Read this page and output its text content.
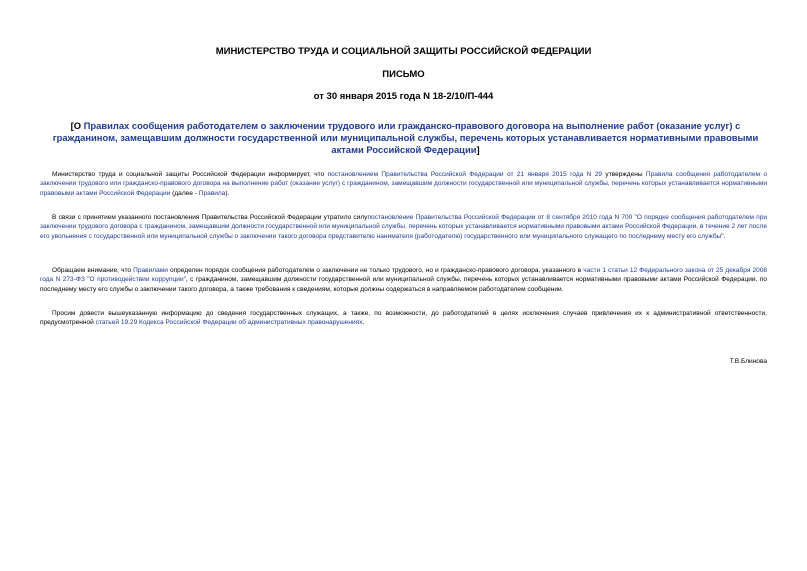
МИНИСТЕРСТВО ТРУДА И СОЦИАЛЬНОЙ ЗАЩИТЫ РОССИЙСКОЙ ФЕДЕРАЦИИ
ПИСЬМО
от 30 января 2015 года N 18-2/10/П-444
[О Правилах сообщения работодателем о заключении трудового или гражданско-правового договора на выполнение работ (оказание услуг) с гражданином, замещавшим должности государственной или муниципальной службы, перечень которых устанавливается нормативными правовыми актами Российской Федерации]

Министерство труда и социальной защиты Российской Федерации информирует, что постановлением Правительства Российской Федерации от 21 января 2015 года N 29 утверждены Правила сообщения работодателем о заключении трудового или гражданско-правового договора на выполнение работ (оказание услуг) с гражданином, замещавшим должности государственной или муниципальной службы, перечень которых устанавливается нормативными правовыми актами Российской Федерации (далее - Правила).

В связи с принятием указанного постановления Правительства Российской Федерации утратило силупостановление Правительства Российской Федерации от 8 сентября 2010 года N 700 "О порядке сообщения работодателем при заключении трудового договора с гражданином, замещавшим должности государственной или муниципальной службы, перечень которых устанавливается нормативными правовыми актами Российской Федерации, в течение 2 лет после его увольнения с государственной или муниципальной службы о заключении такого договора представителю нанимателя (работодателю) государственного или муниципального служащего по последнему месту его службы".

Обращаем внимание, что Правилами определен порядок сообщения работодателем о заключении не только трудового, но и гражданско-правового договора, указанного в части 1 статьи 12 Федерального закона от 25 декабря 2008 года N 273-ФЗ "О противодействии коррупции", с гражданином, замещавшим должности государственной или муниципальной службы, перечень которых устанавливается нормативными правовыми актами Российской Федерации, по последнему месту его службы о заключении такого договора, а также требования к сведениям, которые должны содержаться в направляемом работодателем сообщении.

Просим довести вышеуказанную информацию до сведения государственных служащих, а также, по возможности, до работодателей в целях исключения случаев привлечения их к административной ответственности, предусмотренной статьей 19.29 Кодекса Российской Федерации об административных правонарушениях.

Т.В.Блинова
